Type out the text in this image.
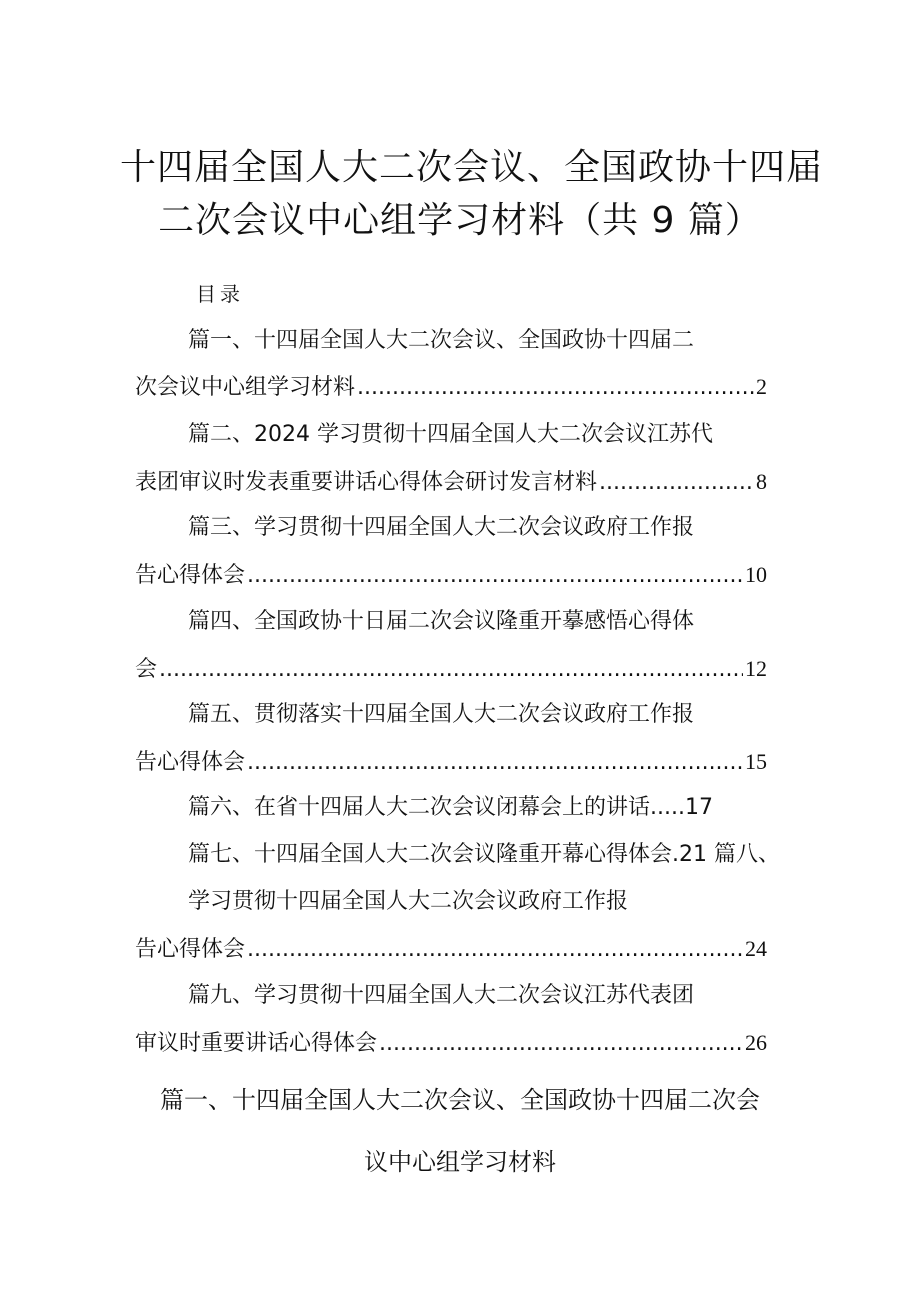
十四届全国人大二次会议、全国政协十四届
二次会议中心组学习材料（共 9 篇）
目录
篇一、十四届全国人大二次会议、全国政协十四届二
次会议中心组学习材料 .....	2
篇二、2024 学习贯彻十四届全国人大二次会议江苏代
表团审议时发表重要讲话心得体会研讨发言材料 .....	8
篇三、学习贯彻十四届全国人大二次会议政府工作报
告心得体会 .....	10
篇四、全国政协十日届二次会议隆重开摹感悟心得体
会 .....	12
篇五、贯彻落实十四届全国人大二次会议政府工作报
告心得体会 .....	15
篇六、在省十四届人大二次会议闭幕会上的讲话.....17
篇七、十四届全国人大二次会议隆重开幕心得体会.21 篇八、
学习贯彻十四届全国人大二次会议政府工作报
告心得体会 .....	24
篇九、学习贯彻十四届全国人大二次会议江苏代表团
审议时重要讲话心得体会 .....	26
篇一、十四届全国人大二次会议、全国政协十四届二次会
议中心组学习材料
